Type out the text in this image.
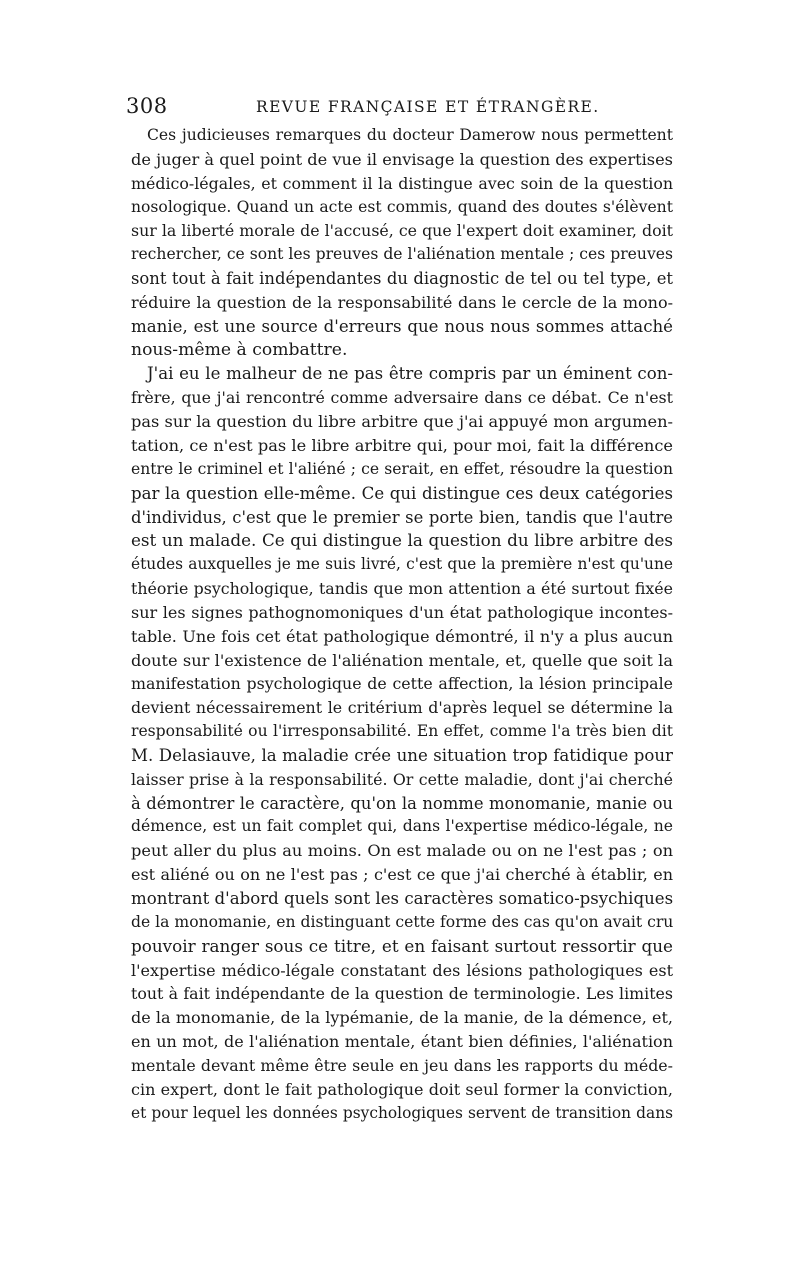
308	REVUE FRANÇAISE ET ÉTRANGÈRE.
Ces judicieuses remarques du docteur Damerow nous permettent
de juger à quel point de vue il envisage la question des expertises
médico-légales, et comment il la distingue avec soin de la question
nosologique. Quand un acte est commis, quand des doutes s'élèvent
sur la liberté morale de l'accusé, ce que l'expert doit examiner, doit
rechercher, ce sont les preuves de l'aliénation mentale ; ces preuves
sont tout à fait indépendantes du diagnostic de tel ou tel type, et
réduire la question de la responsabilité dans le cercle de la mono-
manie, est une source d'erreurs que nous nous sommes attaché
nous-même à combattre.
J'ai eu le malheur de ne pas être compris par un éminent con-
frère, que j'ai rencontré comme adversaire dans ce débat. Ce n'est
pas sur la question du libre arbitre que j'ai appuyé mon argumen-
tation, ce n'est pas le libre arbitre qui, pour moi, fait la différence
entre le criminel et l'aliéné ; ce serait, en effet, résoudre la question
par la question elle-même. Ce qui distingue ces deux catégories
d'individus, c'est que le premier se porte bien, tandis que l'autre
est un malade. Ce qui distingue la question du libre arbitre des
études auxquelles je me suis livré, c'est que la première n'est qu'une
théorie psychologique, tandis que mon attention a été surtout fixée
sur les signes pathognomoniques d'un état pathologique incontes-
table. Une fois cet état pathologique démontré, il n'y a plus aucun
doute sur l'existence de l'aliénation mentale, et, quelle que soit la
manifestation psychologique de cette affection, la lésion principale
devient nécessairement le critérium d'après lequel se détermine la
responsabilité ou l'irresponsabilité. En effet, comme l'a très bien dit
M. Delasiauve, la maladie crée une situation trop fatidique pour
laisser prise à la responsabilité. Or cette maladie, dont j'ai cherché
à démontrer le caractère, qu'on la nomme monomanie, manie ou
démence, est un fait complet qui, dans l'expertise médico-légale, ne
peut aller du plus au moins. On est malade ou on ne l'est pas ; on
est aliéné ou on ne l'est pas ; c'est ce que j'ai cherché à établir, en
montrant d'abord quels sont les caractères somatico-psychiques
de la monomanie, en distinguant cette forme des cas qu'on avait cru
pouvoir ranger sous ce titre, et en faisant surtout ressortir que
l'expertise médico-légale constatant des lésions pathologiques est
tout à fait indépendante de la question de terminologie. Les limites
de la monomanie, de la lypémanie, de la manie, de la démence, et,
en un mot, de l'aliénation mentale, étant bien définies, l'aliénation
mentale devant même être seule en jeu dans les rapports du méde-
cin expert, dont le fait pathologique doit seul former la conviction,
et pour lequel les données psychologiques servent de transition dans
